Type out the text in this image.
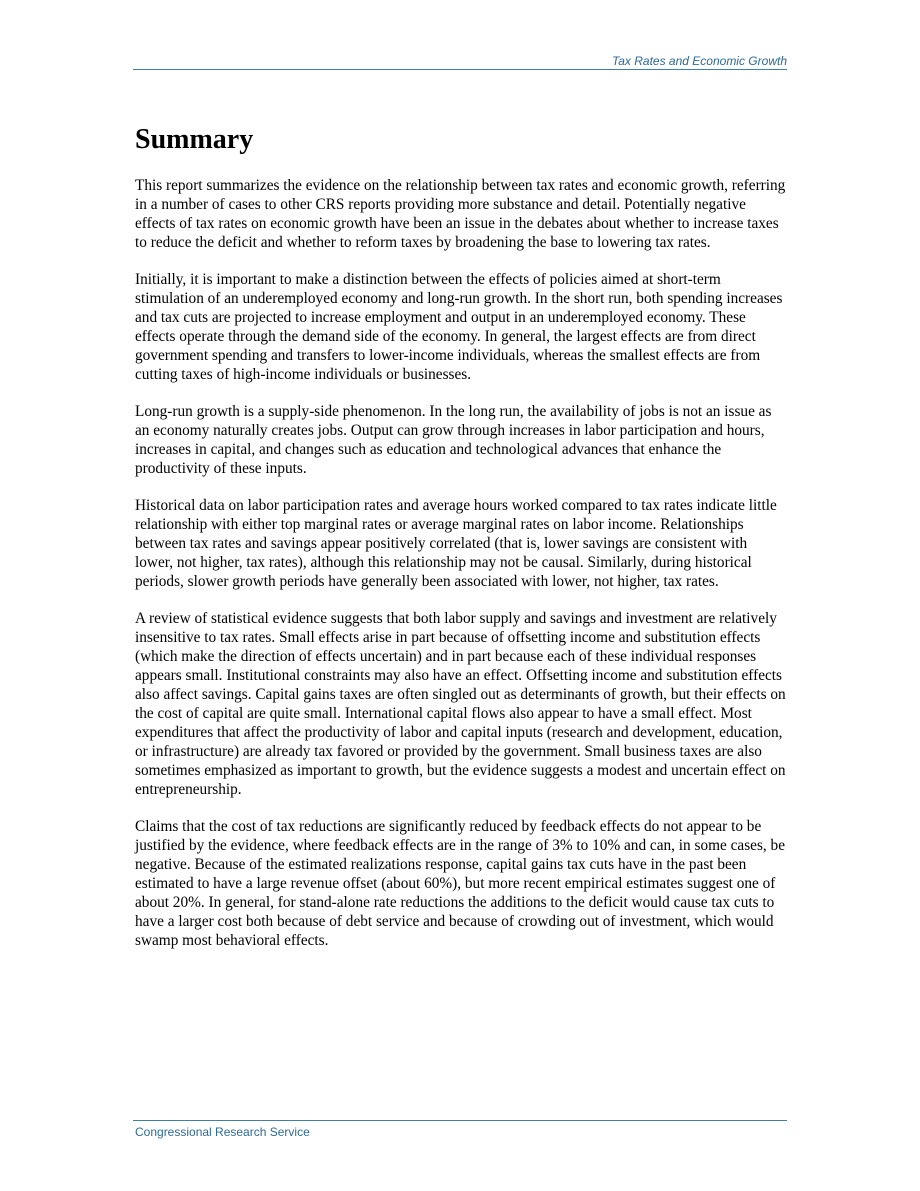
Tax Rates and Economic Growth
Summary

This report summarizes the evidence on the relationship between tax rates and economic growth, referring in a number of cases to other CRS reports providing more substance and detail. Potentially negative effects of tax rates on economic growth have been an issue in the debates about whether to increase taxes to reduce the deficit and whether to reform taxes by broadening the base to lowering tax rates.

Initially, it is important to make a distinction between the effects of policies aimed at short-term stimulation of an underemployed economy and long-run growth. In the short run, both spending increases and tax cuts are projected to increase employment and output in an underemployed economy. These effects operate through the demand side of the economy. In general, the largest effects are from direct government spending and transfers to lower-income individuals, whereas the smallest effects are from cutting taxes of high-income individuals or businesses.

Long-run growth is a supply-side phenomenon. In the long run, the availability of jobs is not an issue as an economy naturally creates jobs. Output can grow through increases in labor participation and hours, increases in capital, and changes such as education and technological advances that enhance the productivity of these inputs.

Historical data on labor participation rates and average hours worked compared to tax rates indicate little relationship with either top marginal rates or average marginal rates on labor income. Relationships between tax rates and savings appear positively correlated (that is, lower savings are consistent with lower, not higher, tax rates), although this relationship may not be causal. Similarly, during historical periods, slower growth periods have generally been associated with lower, not higher, tax rates.

A review of statistical evidence suggests that both labor supply and savings and investment are relatively insensitive to tax rates. Small effects arise in part because of offsetting income and substitution effects (which make the direction of effects uncertain) and in part because each of these individual responses appears small. Institutional constraints may also have an effect. Offsetting income and substitution effects also affect savings. Capital gains taxes are often singled out as determinants of growth, but their effects on the cost of capital are quite small. International capital flows also appear to have a small effect. Most expenditures that affect the productivity of labor and capital inputs (research and development, education, or infrastructure) are already tax favored or provided by the government. Small business taxes are also sometimes emphasized as important to growth, but the evidence suggests a modest and uncertain effect on entrepreneurship.

Claims that the cost of tax reductions are significantly reduced by feedback effects do not appear to be justified by the evidence, where feedback effects are in the range of 3% to 10% and can, in some cases, be negative. Because of the estimated realizations response, capital gains tax cuts have in the past been estimated to have a large revenue offset (about 60%), but more recent empirical estimates suggest one of about 20%. In general, for stand-alone rate reductions the additions to the deficit would cause tax cuts to have a larger cost both because of debt service and because of crowding out of investment, which would swamp most behavioral effects.

Congressional Research Service
